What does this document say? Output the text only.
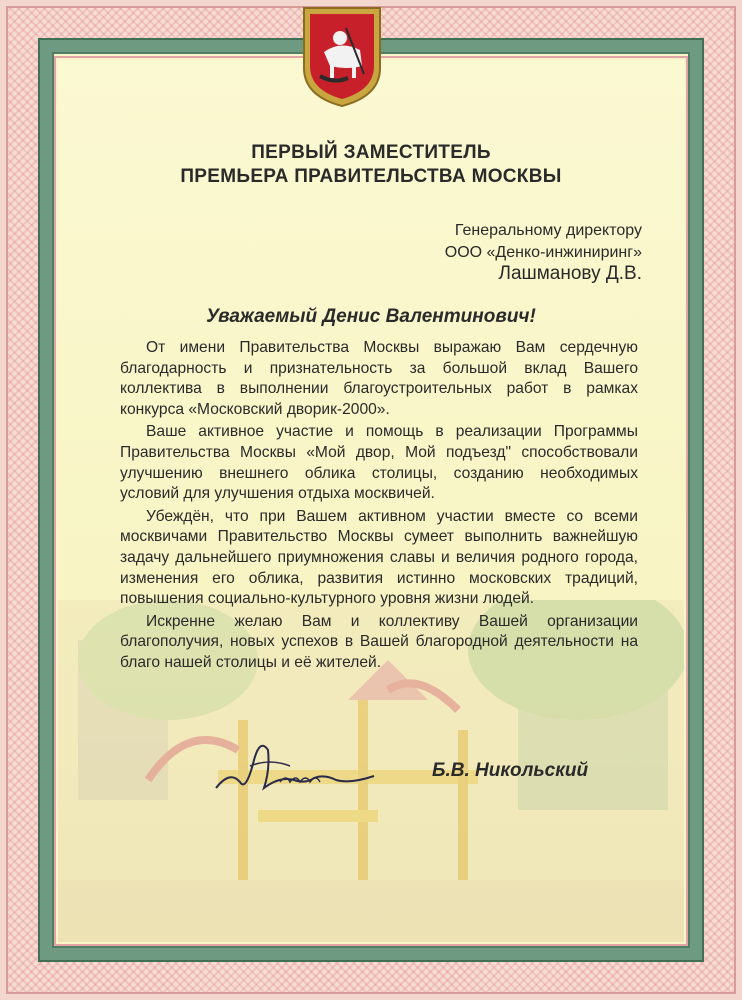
ПЕРВЫЙ ЗАМЕСТИТЕЛЬ
ПРЕМЬЕРА ПРАВИТЕЛЬСТВА МОСКВЫ
Генеральному директору
ООО «Денко-инжиниринг»
Лашманову Д.В.
Уважаемый Денис Валентинович!

От имени Правительства Москвы выражаю Вам сердечную благодарность и признательность за большой вклад Вашего коллектива в выполнении благоустроительных работ в рамках конкурса «Московский дворик-2000».

Ваше активное участие и помощь в реализации Программы Правительства Москвы «Мой двор, Мой подъезд" способствовали улучшению внешнего облика столицы, созданию необходимых условий для улучшения отдыха москвичей.

Убеждён, что при Вашем активном участии вместе со всеми москвичами Правительство Москвы сумеет выполнить важнейшую задачу дальнейшего приумножения славы и величия родного города, изменения его облика, развития истинно московских традиций, повышения социально-культурного уровня жизни людей.

Искренне желаю Вам и коллективу Вашей организации благополучия, новых успехов в Вашей благородной деятельности на благо нашей столицы и её жителей.

Б.В. Никольский
